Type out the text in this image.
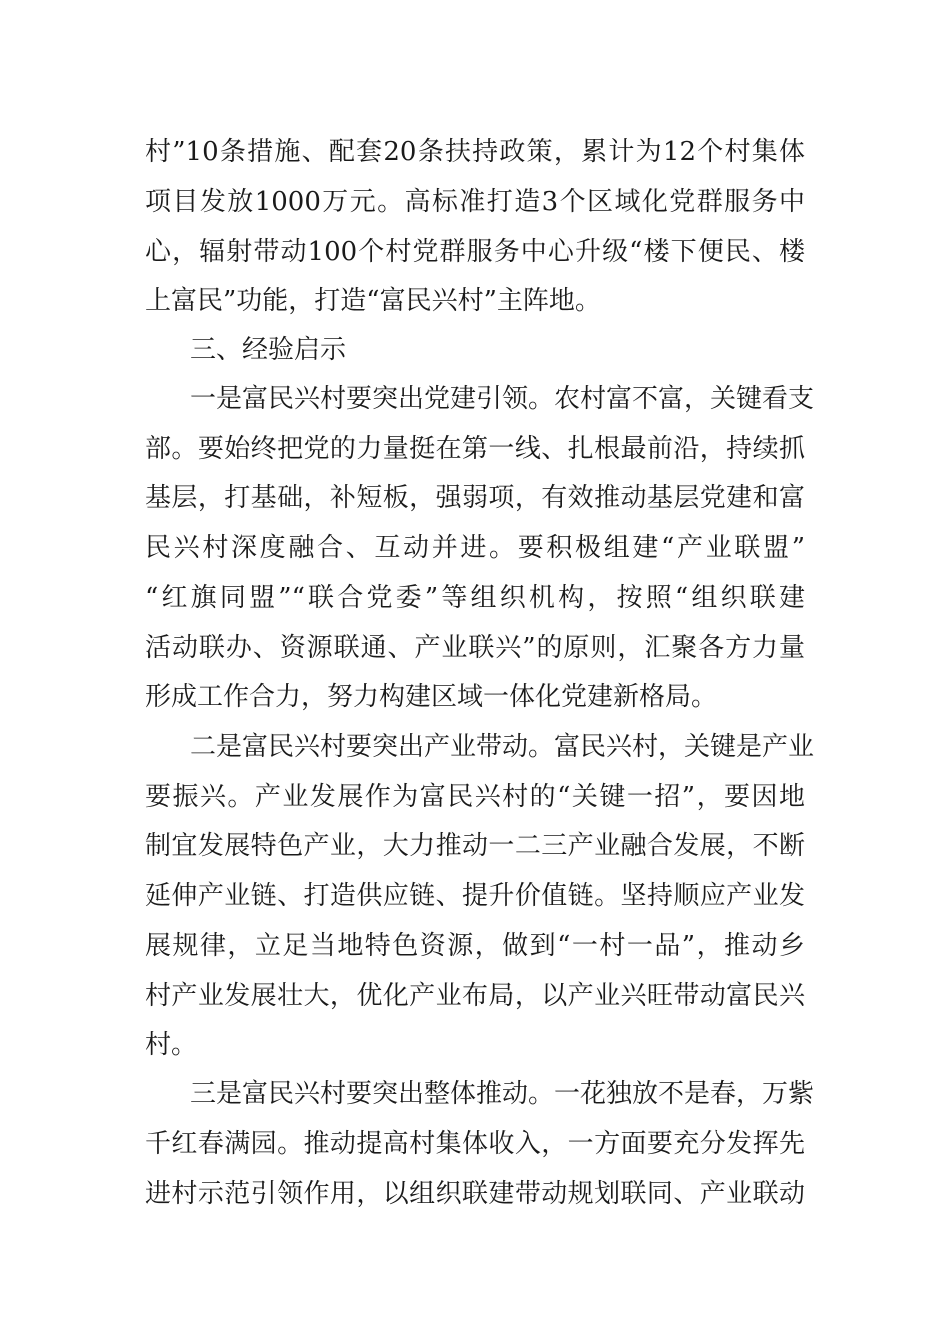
村”10条措施、配套20条扶持政策，累计为12个村集体
项目发放1000万元。高标准打造3个区域化党群服务中
心，辐射带动100个村党群服务中心升级“楼下便民、楼
上富民”功能，打造“富民兴村”主阵地。
三、经验启示
一是富民兴村要突出党建引领。农村富不富，关键看支
部。要始终把党的力量挺在第一线、扎根最前沿，持续抓
基层，打基础，补短板，强弱项，有效推动基层党建和富
民兴村深度融合、互动并进。要积极组建“产业联盟”
“红旗同盟”“联合党委”等组织机构，按照“组织联建
活动联办、资源联通、产业联兴”的原则，汇聚各方力量
形成工作合力，努力构建区域一体化党建新格局。
二是富民兴村要突出产业带动。富民兴村，关键是产业
要振兴。产业发展作为富民兴村的“关键一招”，要因地
制宜发展特色产业，大力推动一二三产业融合发展，不断
延伸产业链、打造供应链、提升价值链。坚持顺应产业发
展规律，立足当地特色资源，做到“一村一品”，推动乡
村产业发展壮大，优化产业布局，以产业兴旺带动富民兴
村。
三是富民兴村要突出整体推动。一花独放不是春，万紫
千红春满园。推动提高村集体收入，一方面要充分发挥先
进村示范引领作用，以组织联建带动规划联同、产业联动
